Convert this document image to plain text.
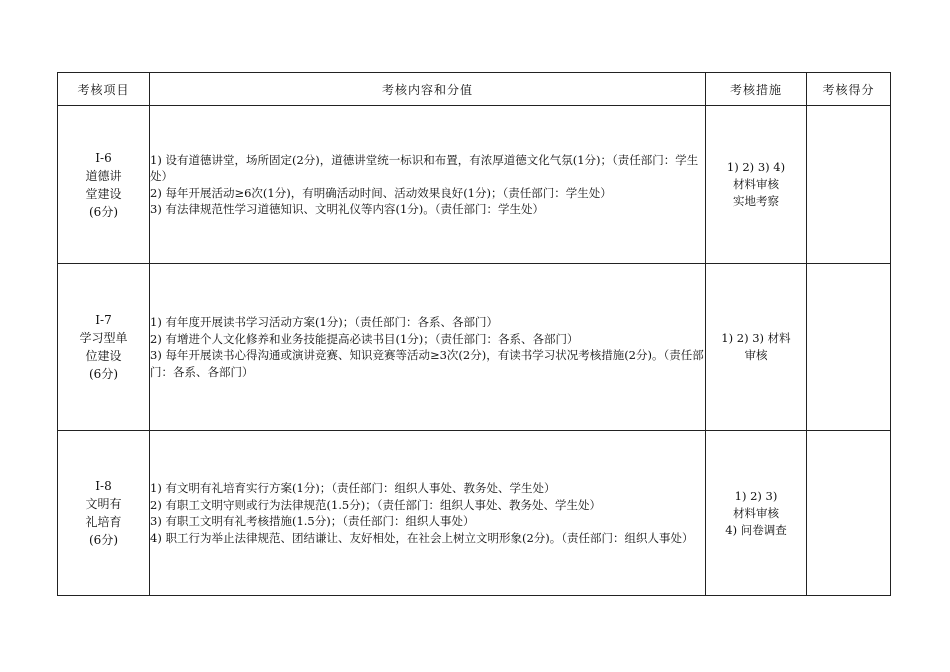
考核项目	考核内容和分值	考核措施	考核得分

I-6
道德讲
堂建设
(6分)	1) 设有道德讲堂，场所固定(2分)，道德讲堂统一标识和布置，有浓厚道德文化气氛(1分)；（责任部门：学生处）
2) 每年开展活动≥6次(1分)，有明确活动时间、活动效果良好(1分)；（责任部门：学生处）
3) 有法律规范性学习道德知识、文明礼仪等内容(1分)。（责任部门：学生处）	1) 2) 3) 4)
材料审核
实地考察	

I-7
学习型单
位建设
(6分)	1) 有年度开展读书学习活动方案(1分)；（责任部门：各系、各部门）
2) 有增进个人文化修养和业务技能提高必读书目(1分)；（责任部门：各系、各部门）
3) 每年开展读书心得沟通或演讲竞赛、知识竞赛等活动≥3次(2分)，有读书学习状况考核措施(2分)。（责任部门：各系、各部门）	1) 2) 3) 材料
审核	

I-8
文明有
礼培育
(6分)	1) 有文明有礼培育实行方案(1分)；（责任部门：组织人事处、教务处、学生处）
2) 有职工文明守则或行为法律规范(1.5分)；（责任部门：组织人事处、教务处、学生处）
3) 有职工文明有礼考核措施(1.5分)；（责任部门：组织人事处）
4) 职工行为举止法律规范、团结谦让、友好相处，在社会上树立文明形象(2分)。（责任部门：组织人事处）	1) 2) 3)
材料审核
4) 问卷调查	
